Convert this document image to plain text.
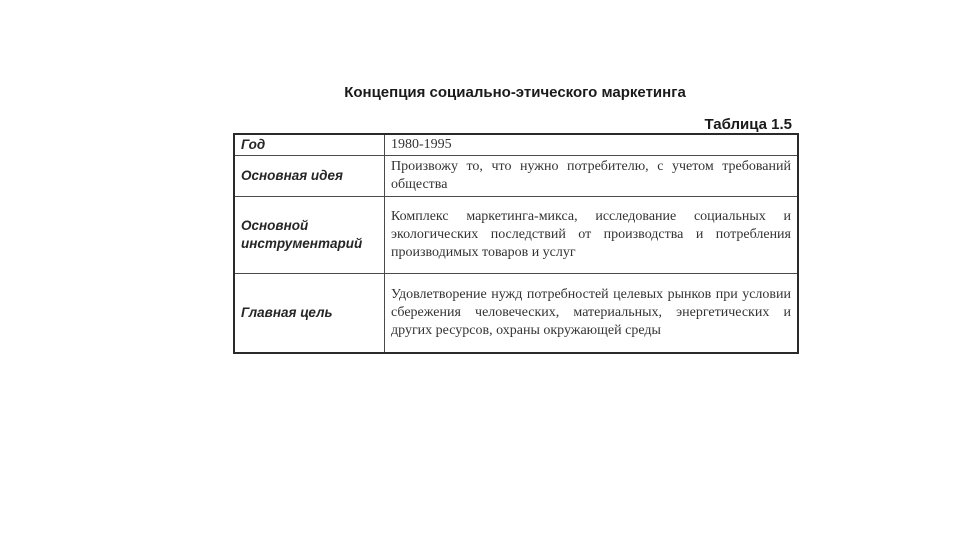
Концепция социально-этического маркетинга
Таблица 1.5
Год	1980-1995
Основная идея	Произвожу то, что нужно потребителю, с учетом требований общества
Основной инструментарий	Комплекс маркетинга-микса, исследование социальных и экологических последствий от производства и потребления производимых товаров и услуг
Главная цель	Удовлетворение нужд потребностей целевых рынков при условии сбережения человеческих, материальных, энергетических и других ресурсов, охраны окружающей среды
